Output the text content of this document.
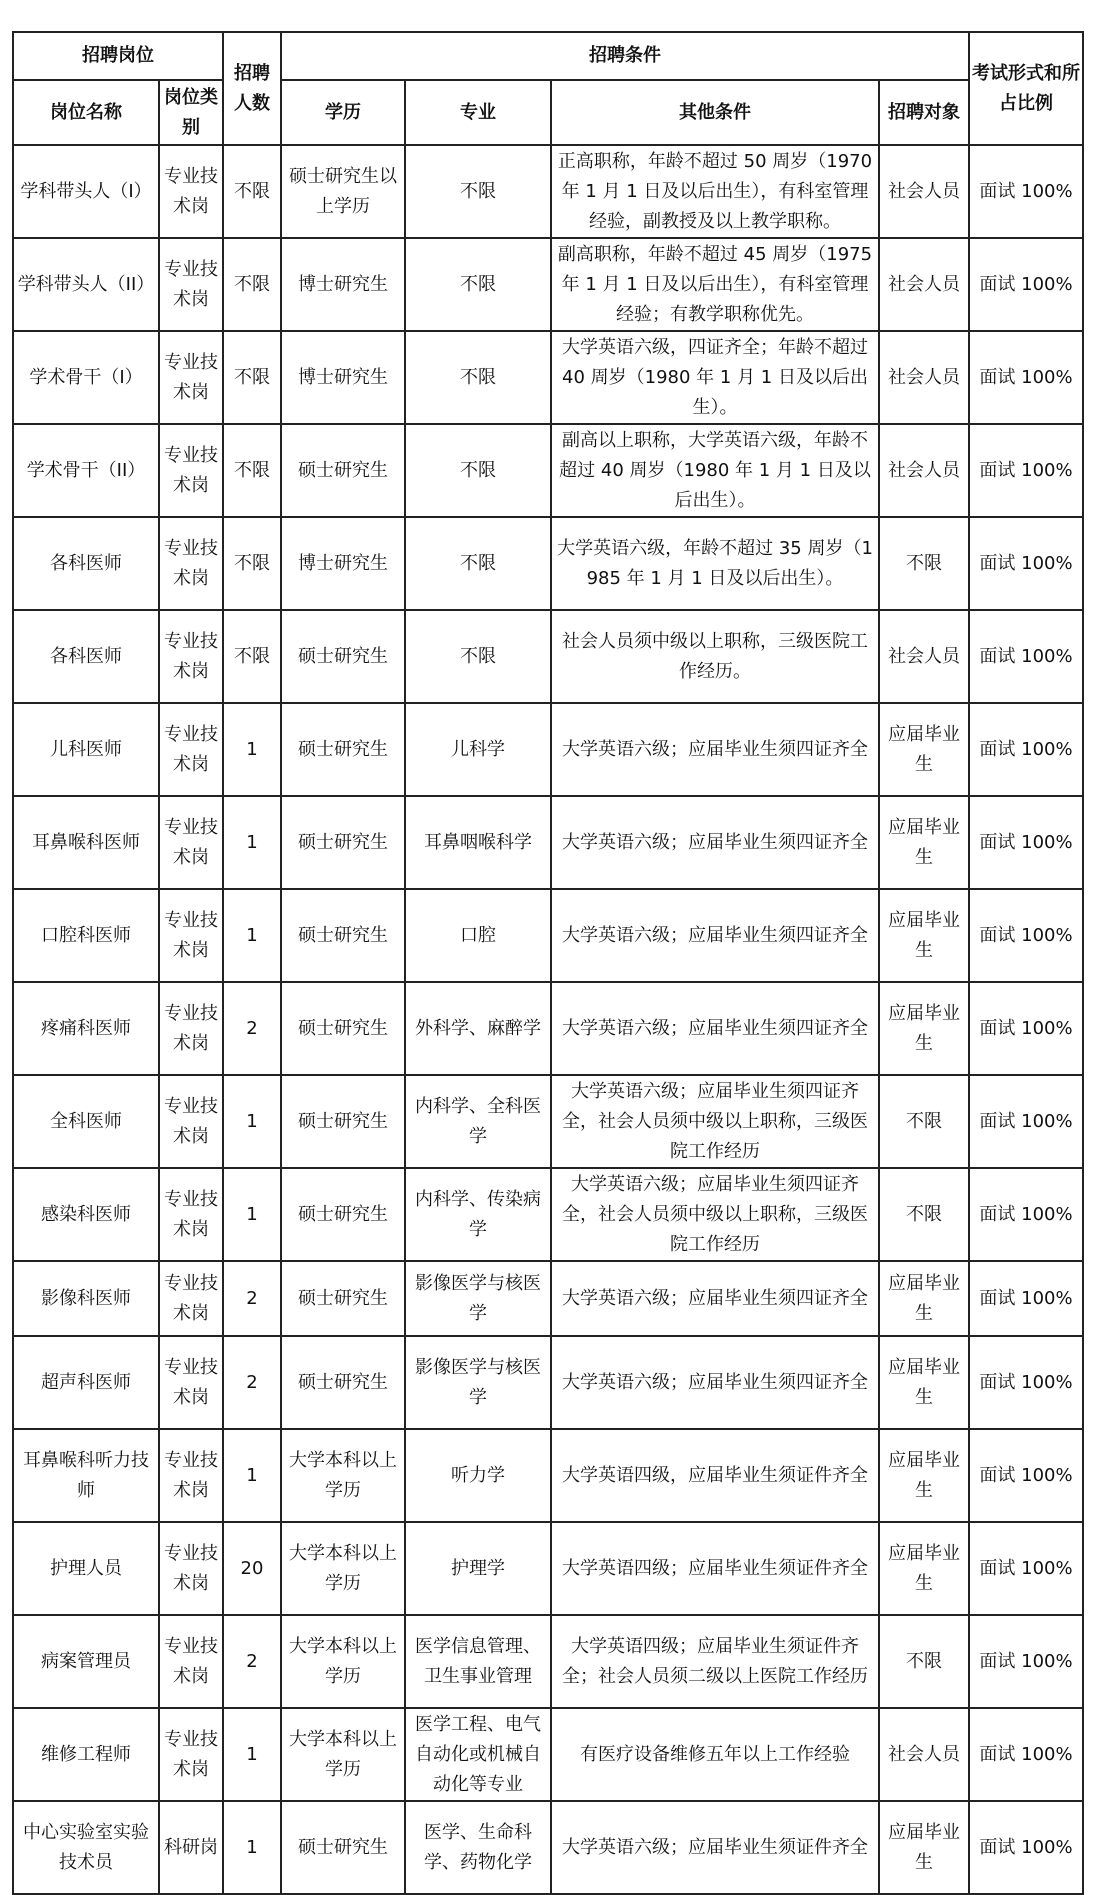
招聘岗位		招聘人数	招聘条件				考试形式和所占比例
岗位名称	岗位类别		学历	专业	其他条件	招聘对象	
学科带头人（I）	专业技术岗	不限	硕士研究生以上学历	不限	正高职称，年龄不超过 50 周岁（1970 年 1 月 1 日及以后出生），有科室管理经验，副教授及以上教学职称。	社会人员	面试 100%
学科带头人（II）	专业技术岗	不限	博士研究生	不限	副高职称，年龄不超过 45 周岁（1975 年 1 月 1 日及以后出生），有科室管理经验；有教学职称优先。	社会人员	面试 100%
学术骨干（I）	专业技术岗	不限	博士研究生	不限	大学英语六级，四证齐全；年龄不超过 40 周岁（1980 年 1 月 1 日及以后出生）。	社会人员	面试 100%
学术骨干（II）	专业技术岗	不限	硕士研究生	不限	副高以上职称，大学英语六级，年龄不超过 40 周岁（1980 年 1 月 1 日及以后出生）。	社会人员	面试 100%
各科医师	专业技术岗	不限	博士研究生	不限	大学英语六级，年龄不超过 35 周岁（1985 年 1 月 1 日及以后出生）。	不限	面试 100%
各科医师	专业技术岗	不限	硕士研究生	不限	社会人员须中级以上职称，三级医院工作经历。	社会人员	面试 100%
儿科医师	专业技术岗	1	硕士研究生	儿科学	大学英语六级；应届毕业生须四证齐全	应届毕业生	面试 100%
耳鼻喉科医师	专业技术岗	1	硕士研究生	耳鼻咽喉科学	大学英语六级；应届毕业生须四证齐全	应届毕业生	面试 100%
口腔科医师	专业技术岗	1	硕士研究生	口腔	大学英语六级；应届毕业生须四证齐全	应届毕业生	面试 100%
疼痛科医师	专业技术岗	2	硕士研究生	外科学、麻醉学	大学英语六级；应届毕业生须四证齐全	应届毕业生	面试 100%
全科医师	专业技术岗	1	硕士研究生	内科学、全科医学	大学英语六级；应届毕业生须四证齐全，社会人员须中级以上职称，三级医院工作经历	不限	面试 100%
感染科医师	专业技术岗	1	硕士研究生	内科学、传染病学	大学英语六级；应届毕业生须四证齐全，社会人员须中级以上职称，三级医院工作经历	不限	面试 100%
影像科医师	专业技术岗	2	硕士研究生	影像医学与核医学	大学英语六级；应届毕业生须四证齐全	应届毕业生	面试 100%
超声科医师	专业技术岗	2	硕士研究生	影像医学与核医学	大学英语六级；应届毕业生须四证齐全	应届毕业生	面试 100%
耳鼻喉科听力技师	专业技术岗	1	大学本科以上学历	听力学	大学英语四级，应届毕业生须证件齐全	应届毕业生	面试 100%
护理人员	专业技术岗	20	大学本科以上学历	护理学	大学英语四级；应届毕业生须证件齐全	应届毕业生	面试 100%
病案管理员	专业技术岗	2	大学本科以上学历	医学信息管理、卫生事业管理	大学英语四级；应届毕业生须证件齐全；社会人员须二级以上医院工作经历	不限	面试 100%
维修工程师	专业技术岗	1	大学本科以上学历	医学工程、电气自动化或机械自动化等专业	有医疗设备维修五年以上工作经验	社会人员	面试 100%
中心实验室实验技术员	科研岗	1	硕士研究生	医学、生命科学、药物化学	大学英语六级；应届毕业生须证件齐全	应届毕业生	面试 100%
